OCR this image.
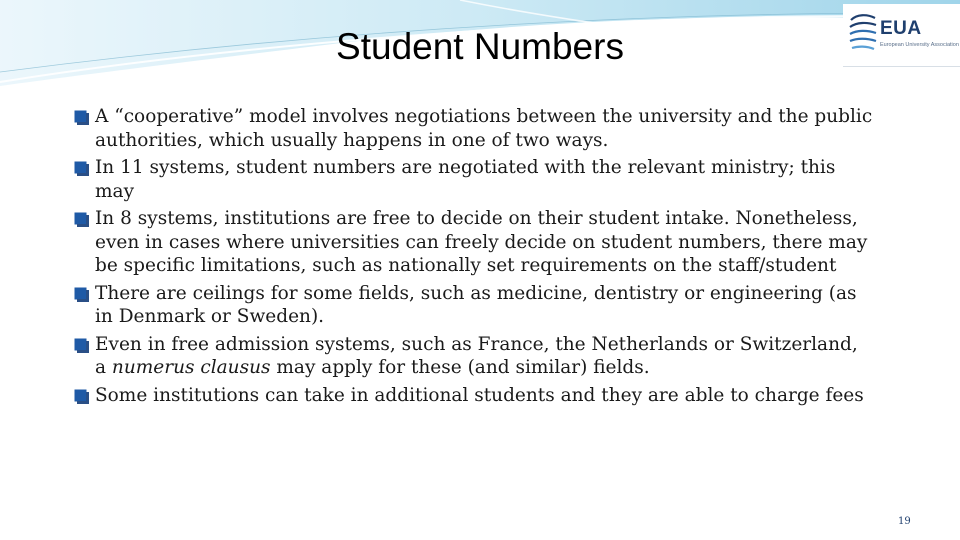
Student Numbers	EUA
European University Association
A “cooperative” model involves negotiations between the university and the public authorities, which usually happens in one of two ways.
In 11 systems, student numbers are negotiated with the relevant ministry; this may
In 8 systems, institutions are free to decide on their student intake. Nonetheless, even in cases where universities can freely decide on student numbers, there may be specific limitations, such as nationally set requirements on the staff/student
There are ceilings for some fields, such as medicine, dentistry or engineering (as in Denmark or Sweden).
Even in free admission systems, such as France, the Netherlands or Switzerland, a numerus clausus may apply for these (and similar) fields.
Some institutions can take in additional students and they are able to charge fees
19
